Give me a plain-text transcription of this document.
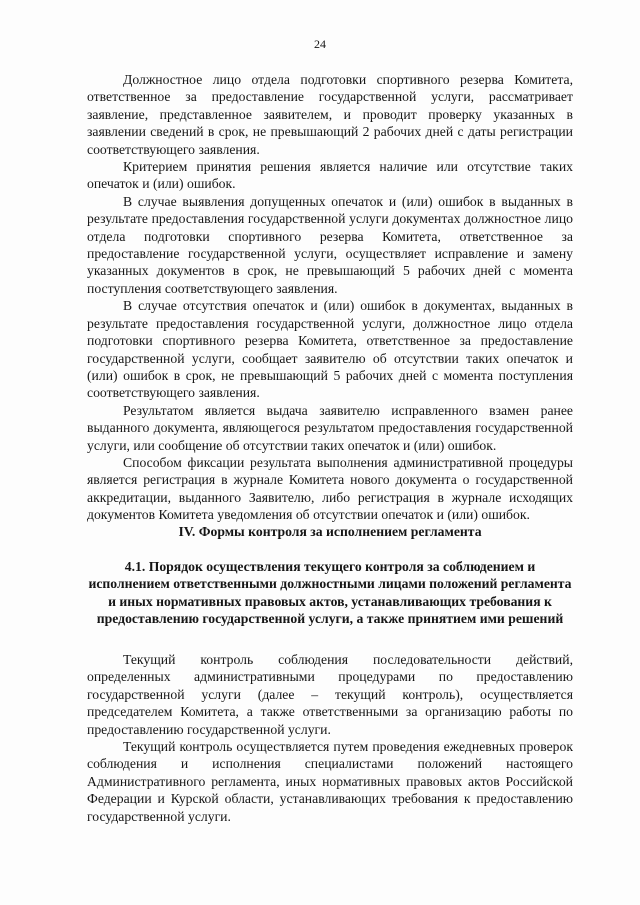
24

Должностное лицо отдела подготовки спортивного резерва Комитета, ответственное за предоставление государственной услуги, рассматривает заявление, представленное заявителем, и проводит проверку указанных в заявлении сведений в срок, не превышающий 2 рабочих дней с даты регистрации соответствующего заявления.

Критерием принятия решения является наличие или отсутствие таких опечаток и (или) ошибок.

В случае выявления допущенных опечаток и (или) ошибок в выданных в результате предоставления государственной услуги документах должностное лицо отдела подготовки спортивного резерва Комитета, ответственное за предоставление государственной услуги, осуществляет исправление и замену указанных документов в срок, не превышающий 5 рабочих дней с момента поступления соответствующего заявления.

В случае отсутствия опечаток и (или) ошибок в документах, выданных в результате предоставления государственной услуги, должностное лицо отдела подготовки спортивного резерва Комитета, ответственное за предоставление государственной услуги, сообщает заявителю об отсутствии таких опечаток и (или) ошибок в срок, не превышающий 5 рабочих дней с момента поступления соответствующего заявления.

Результатом является выдача заявителю исправленного взамен ранее выданного документа, являющегося результатом предоставления государственной услуги, или сообщение об отсутствии таких опечаток и (или) ошибок.

Способом фиксации результата выполнения административной процедуры является регистрация в журнале Комитета нового документа о государственной аккредитации, выданного Заявителю, либо регистрация в журнале исходящих документов Комитета уведомления об отсутствии опечаток и (или) ошибок.

IV. Формы контроля за исполнением регламента
4.1. Порядок осуществления текущего контроля за соблюдением и исполнением ответственными должностными лицами положений регламента и иных нормативных правовых актов, устанавливающих требования к предоставлению государственной услуги, а также принятием ими решений

Текущий контроль соблюдения последовательности действий, определенных административными процедурами по предоставлению государственной услуги (далее – текущий контроль), осуществляется председателем Комитета, а также ответственными за организацию работы по предоставлению государственной услуги.

Текущий контроль осуществляется путем проведения ежедневных проверок соблюдения и исполнения специалистами положений настоящего Административного регламента, иных нормативных правовых актов Российской Федерации и Курской области, устанавливающих требования к предоставлению государственной услуги.
